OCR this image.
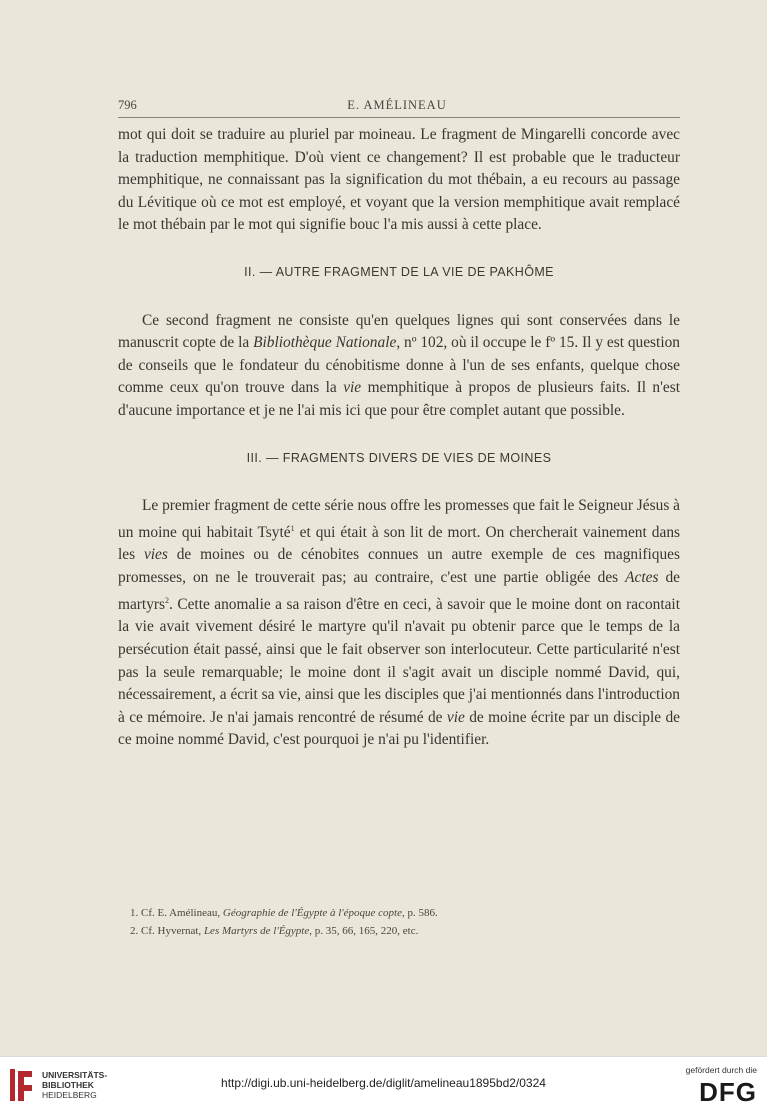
796	E. AMÉLINEAU

mot qui doit se traduire au pluriel par moineau. Le fragment de Mingarelli concorde avec la traduction memphitique. D'où vient ce changement? Il est probable que le traducteur memphitique, ne connaissant pas la signification du mot thébain, a eu recours au passage du Lévitique où ce mot est employé, et voyant que la version memphitique avait remplacé le mot thébain par le mot qui signifie bouc l'a mis aussi à cette place.

II. — AUTRE FRAGMENT DE LA VIE DE PAKHÔME

Ce second fragment ne consiste qu'en quelques lignes qui sont conservées dans le manuscrit copte de la Bibliothèque Nationale, nº 102, où il occupe le fº 15. Il y est question de conseils que le fondateur du cénobitisme donne à l'un de ses enfants, quelque chose comme ceux qu'on trouve dans la vie memphitique à propos de plusieurs faits. Il n'est d'aucune importance et je ne l'ai mis ici que pour être complet autant que possible.

III. — FRAGMENTS DIVERS DE VIES DE MOINES

Le premier fragment de cette série nous offre les promesses que fait le Seigneur Jésus à un moine qui habitait Tsyté$^1$ et qui était à son lit de mort. On chercherait vainement dans les vies de moines ou de cénobites connues un autre exemple de ces magnifiques promesses, on ne le trouverait pas; au contraire, c'est une partie obligée des Actes de martyrs$^2$. Cette anomalie a sa raison d'être en ceci, à savoir que le moine dont on racontait la vie avait vivement désiré le martyre qu'il n'avait pu obtenir parce que le temps de la persécution était passé, ainsi que le fait observer son interlocuteur. Cette particularité n'est pas la seule remarquable; le moine dont il s'agit avait un disciple nommé David, qui, nécessairement, a écrit sa vie, ainsi que les disciples que j'ai mentionnés dans l'introduction à ce mémoire. Je n'ai jamais rencontré de résumé de vie de moine écrite par un disciple de ce moine nommé David, c'est pourquoi je n'ai pu l'identifier.

1. Cf. E. Amélineau, Géographie de l'Égypte à l'époque copte, p. 586.
2. Cf. Hyvernat, Les Martyrs de l'Égypte, p. 35, 66, 165, 220, etc.
UNIVERSITÄTS-
BIBLIOTHEK
HEIDELBERG
http://digi.ub.uni-heidelberg.de/diglit/amelineau1895bd2/0324
gefördert durch die
DFG
